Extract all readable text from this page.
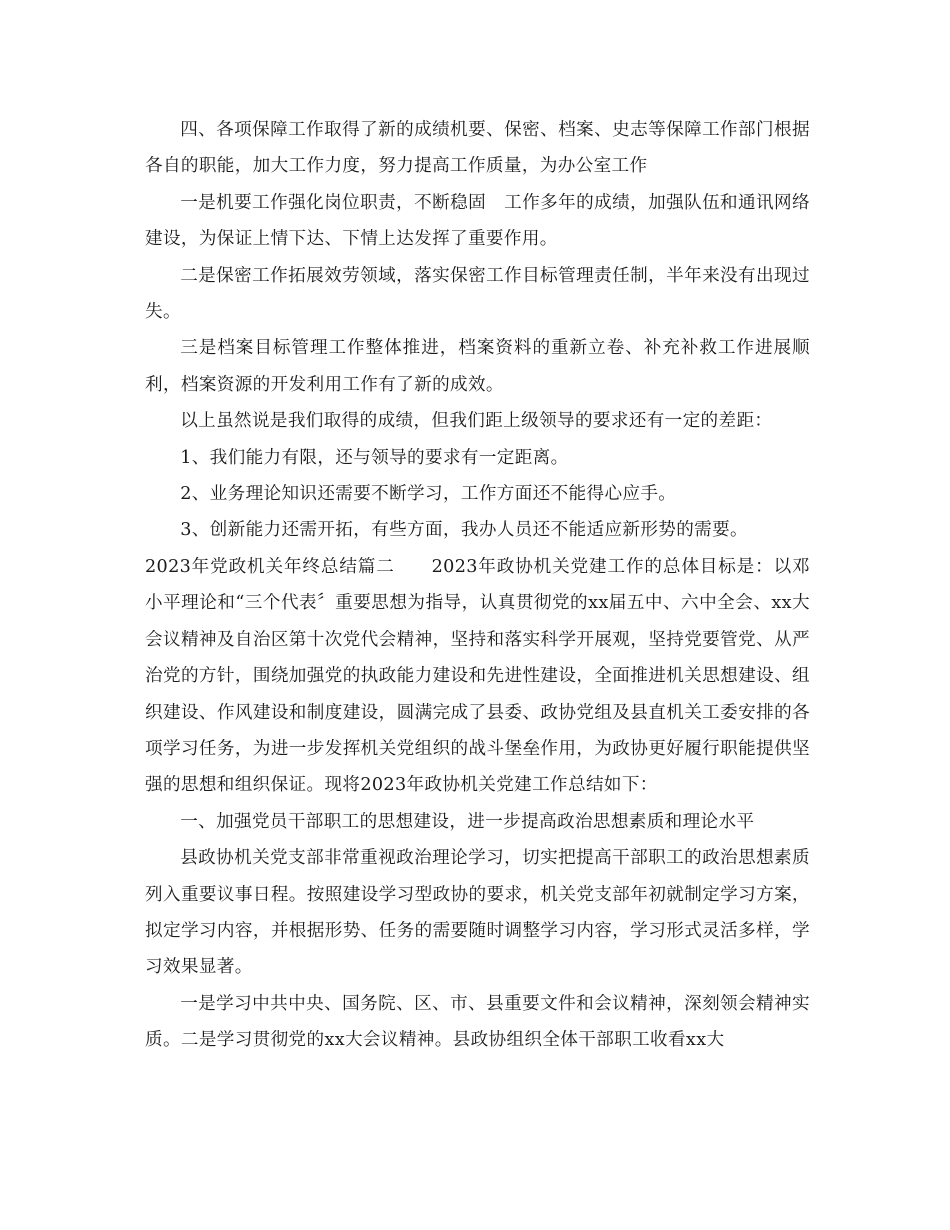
四、各项保障工作取得了新的成绩机要、保密、档案、史志等保障工作部门根据各自的职能，加大工作力度，努力提高工作质量，为办公室工作

一是机要工作强化岗位职责，不断稳固　工作多年的成绩，加强队伍和通讯网络建设，为保证上情下达、下情上达发挥了重要作用。

二是保密工作拓展效劳领域，落实保密工作目标管理责任制，半年来没有出现过失。

三是档案目标管理工作整体推进，档案资料的重新立卷、补充补救工作进展顺利，档案资源的开发利用工作有了新的成效。

以上虽然说是我们取得的成绩，但我们距上级领导的要求还有一定的差距：

1、我们能力有限，还与领导的要求有一定距离。

2、业务理论知识还需要不断学习，工作方面还不能得心应手。

3、创新能力还需开拓，有些方面，我办人员还不能适应新形势的需要。

2023年党政机关年终总结篇二　　2023年政协机关党建工作的总体目标是：以邓小平理论和“三个代表〞重要思想为指导，认真贯彻党的xx届五中、六中全会、xx大会议精神及自治区第十次党代会精神，坚持和落实科学开展观，坚持党要管党、从严治党的方针，围绕加强党的执政能力建设和先进性建设，全面推进机关思想建设、组织建设、作风建设和制度建设，圆满完成了县委、政协党组及县直机关工委安排的各项学习任务，为进一步发挥机关党组织的战斗堡垒作用，为政协更好履行职能提供坚强的思想和组织保证。现将2023年政协机关党建工作总结如下：

一、加强党员干部职工的思想建设，进一步提高政治思想素质和理论水平

县政协机关党支部非常重视政治理论学习，切实把提高干部职工的政治思想素质列入重要议事日程。按照建设学习型政协的要求，机关党支部年初就制定学习方案，拟定学习内容，并根据形势、任务的需要随时调整学习内容，学习形式灵活多样，学习效果显著。

一是学习中共中央、国务院、区、市、县重要文件和会议精神，深刻领会精神实质。二是学习贯彻党的xx大会议精神。县政协组织全体干部职工收看xx大
